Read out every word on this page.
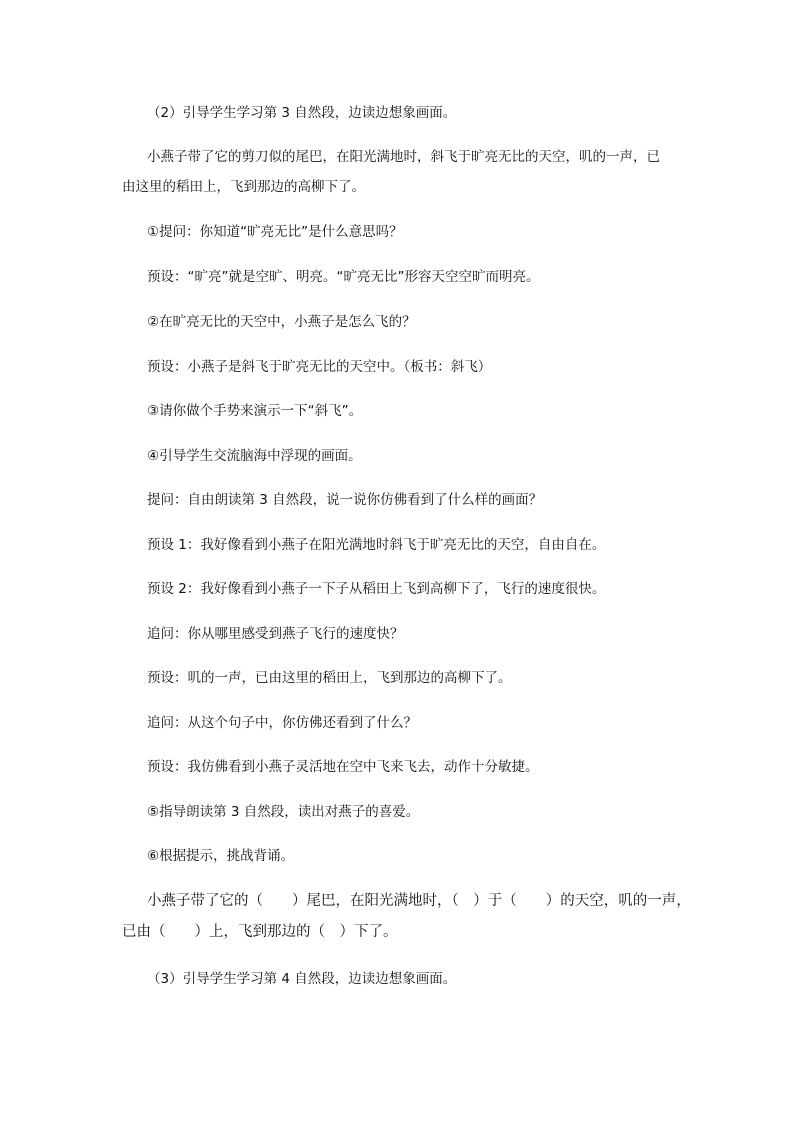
（2）引导学生学习第 3 自然段，边读边想象画面。
小燕子带了它的剪刀似的尾巴，在阳光满地时，斜飞于旷亮无比的天空，叽的一声，已
由这里的稻田上，飞到那边的高柳下了。
①提问：你知道“旷亮无比”是什么意思吗？
预设：“旷亮”就是空旷、明亮。“旷亮无比”形容天空空旷而明亮。
②在旷亮无比的天空中，小燕子是怎么飞的？
预设：小燕子是斜飞于旷亮无比的天空中。（板书：斜飞）
③请你做个手势来演示一下“斜飞”。
④引导学生交流脑海中浮现的画面。
提问：自由朗读第 3 自然段，说一说你仿佛看到了什么样的画面？
预设 1：我好像看到小燕子在阳光满地时斜飞于旷亮无比的天空，自由自在。
预设 2：我好像看到小燕子一下子从稻田上飞到高柳下了，飞行的速度很快。
追问：你从哪里感受到燕子飞行的速度快？
预设：叽的一声，已由这里的稻田上，飞到那边的高柳下了。
追问：从这个句子中，你仿佛还看到了什么？
预设：我仿佛看到小燕子灵活地在空中飞来飞去，动作十分敏捷。
⑤指导朗读第 3 自然段，读出对燕子的喜爱。
⑥根据提示，挑战背诵。
小燕子带了它的（　　）尾巴，在阳光满地时，（　）于（　　）的天空，叽的一声，
已由（　　）上，飞到那边的（　）下了。
（3）引导学生学习第 4 自然段，边读边想象画面。
